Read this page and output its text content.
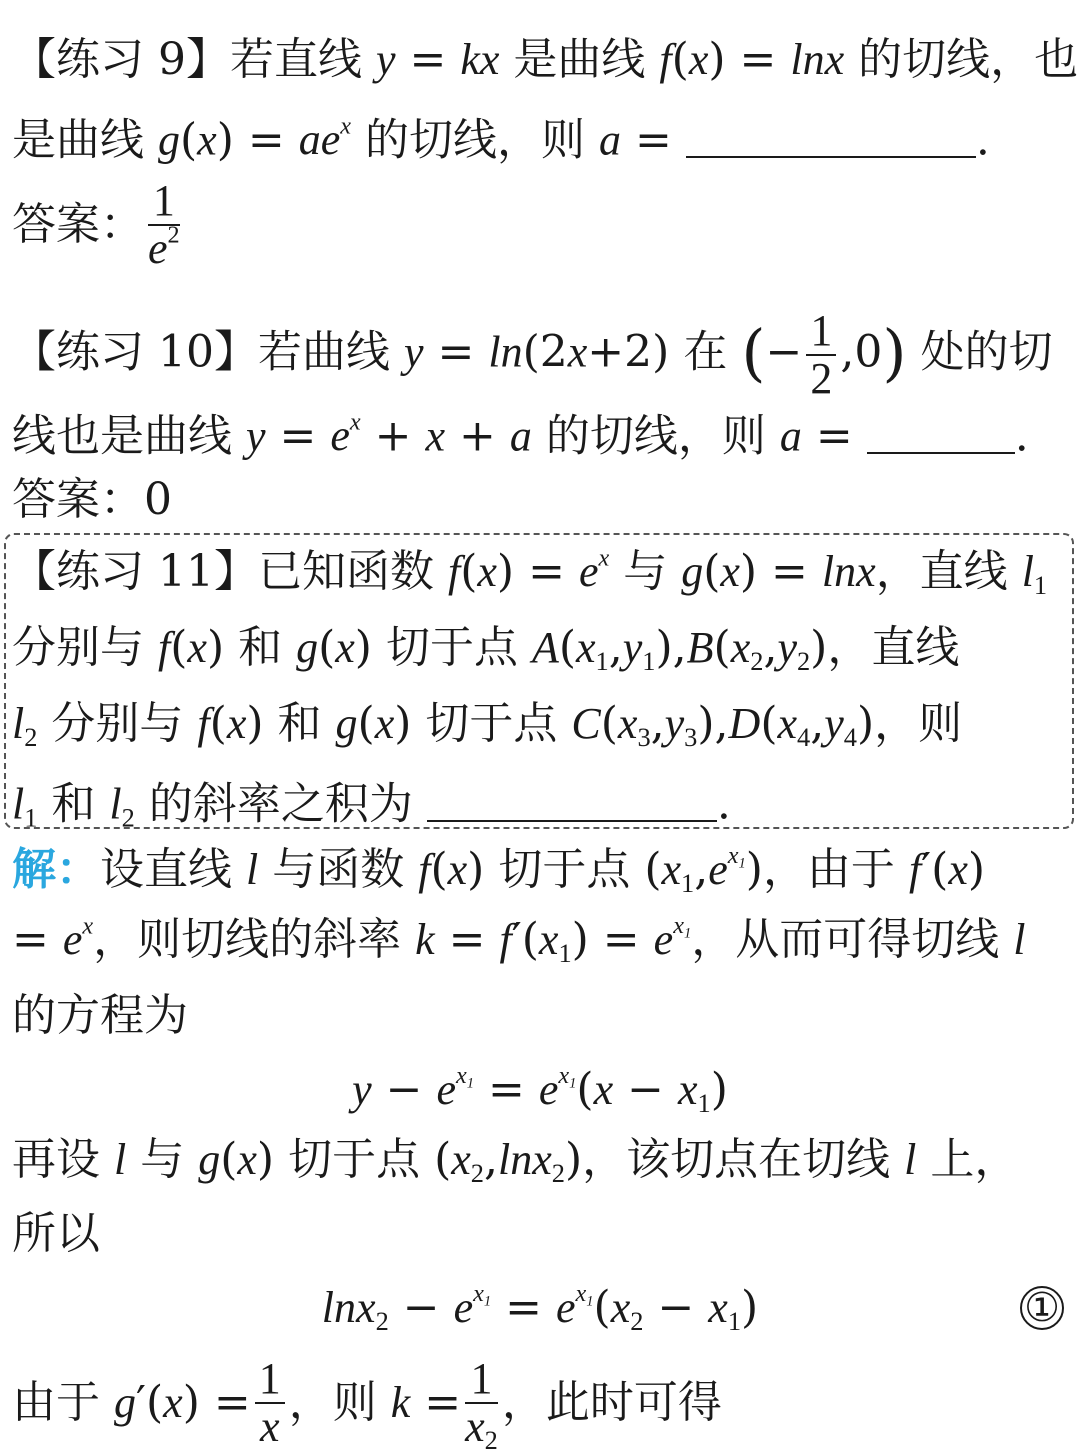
【练习 9】若直线 y = kx 是曲线 f(x) = lnx 的切线，也
是曲线 $g(x) = ae^x$ 的切线，则 a =	.
答案： $\frac{1}{e^2}$
【练习 10】若曲线 y = ln(2x+2) 在 (− $\frac{1}{2} ,0$) 处的切
线也是曲线 $y = e^x + x + a$ 的切线，则 a =	.
答案：0
【练习 11】已知函数 $f(x) = e^x$ 与 g(x) = lnx，直线 $l_1$
分别与 f(x) 和 g(x) 切于点 $A(x_1,y_1),B(x_2,y_2)$，直线
$l_2$ 分别与 f(x) 和 g(x) 切于点 $C(x_3,y_3),D(x_4,y_4)$，则
$l_1$ 和 $l_2$ 的斜率之积为	.
解：设直线 l 与函数 f(x) 切于点 $(x_1,e^{x_1})$，由于 f′(x)
= $e^x$，则切线的斜率 $k = f'(x_1) = e^{x_1}$，从而可得切线 l
的方程为
$y - e^{x_1} = e^{x_1}(x - x_1)$
再设 l 与 g(x) 切于点 $(x_2,\ln x_2)$，该切点在切线 l 上，
所以
$\ln x_2 - e^{x_1} = e^{x_1}(x_2 - x_1)$	①
由于 $g'(x) = \frac{1}{x}$ ，则 $k = \frac{1}{x_2}$ ，此时可得
